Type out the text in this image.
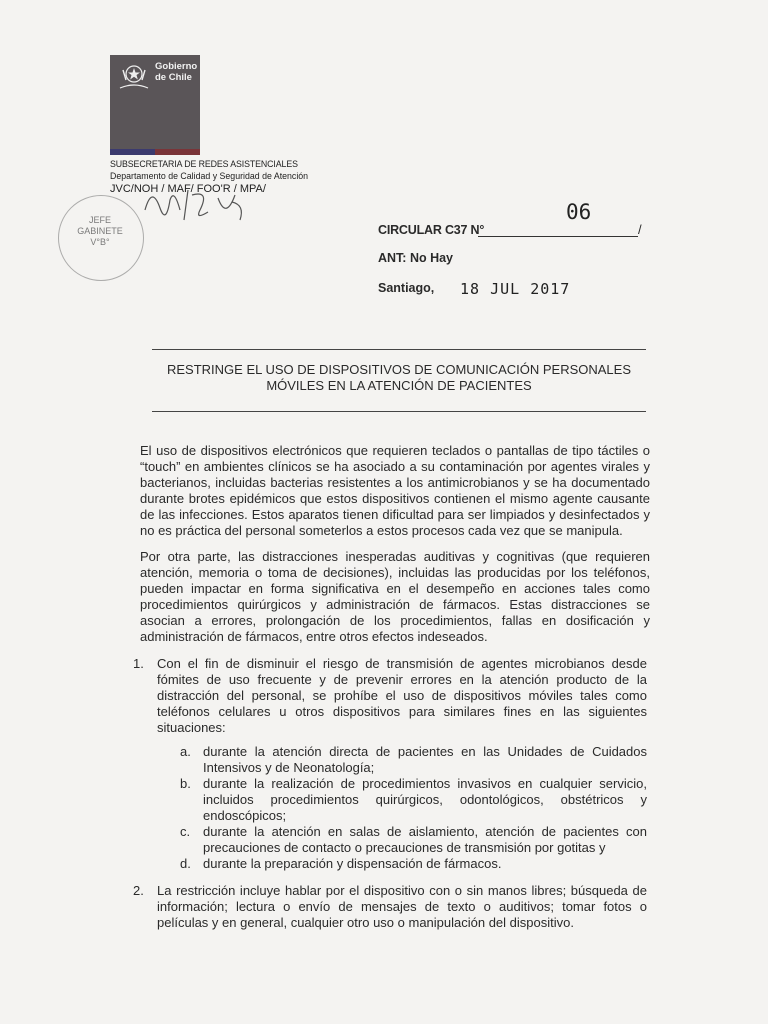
Gobierno
de Chile
SUBSECRETARIA DE REDES ASISTENCIALES
Departamento de Calidad y Seguridad de Atención
JVC/NOH / MAF/ FOO'R / MPA/
JEFE
GABINETE
V°B°
CIRCULAR C37 N°
06
/
ANT: No Hay
Santiago, 18 JUL 2017
RESTRINGE EL USO DE DISPOSITIVOS DE COMUNICACIÓN PERSONALES
MÓVILES EN LA ATENCIÓN DE PACIENTES
El uso de dispositivos electrónicos que requieren teclados o pantallas de tipo táctiles o “touch” en ambientes clínicos se ha asociado a su contaminación por agentes virales y bacterianos, incluidas bacterias resistentes a los antimicrobianos y se ha documentado durante brotes epidémicos que estos dispositivos contienen el mismo agente causante de las infecciones. Estos aparatos tienen dificultad para ser limpiados y desinfectados y no es práctica del personal someterlos a estos procesos cada vez que se manipula.
Por otra parte, las distracciones inesperadas auditivas y cognitivas (que requieren atención, memoria o toma de decisiones), incluidas las producidas por los teléfonos, pueden impactar en forma significativa en el desempeño en acciones tales como procedimientos quirúrgicos y administración de fármacos. Estas distracciones se asocian a errores, prolongación de los procedimientos, fallas en dosificación y administración de fármacos, entre otros efectos indeseados.
1. Con el fin de disminuir el riesgo de transmisión de agentes microbianos desde fómites de uso frecuente y de prevenir errores en la atención producto de la distracción del personal, se prohíbe el uso de dispositivos móviles tales como teléfonos celulares u otros dispositivos para similares fines en las siguientes situaciones:
a. durante la atención directa de pacientes en las Unidades de Cuidados Intensivos y de Neonatología;
b. durante la realización de procedimientos invasivos en cualquier servicio, incluidos procedimientos quirúrgicos, odontológicos, obstétricos y endoscópicos;
c. durante la atención en salas de aislamiento, atención de pacientes con precauciones de contacto o precauciones de transmisión por gotitas y
d. durante la preparación y dispensación de fármacos.
2. La restricción incluye hablar por el dispositivo con o sin manos libres; búsqueda de información; lectura o envío de mensajes de texto o auditivos; tomar fotos o películas y en general, cualquier otro uso o manipulación del dispositivo.
